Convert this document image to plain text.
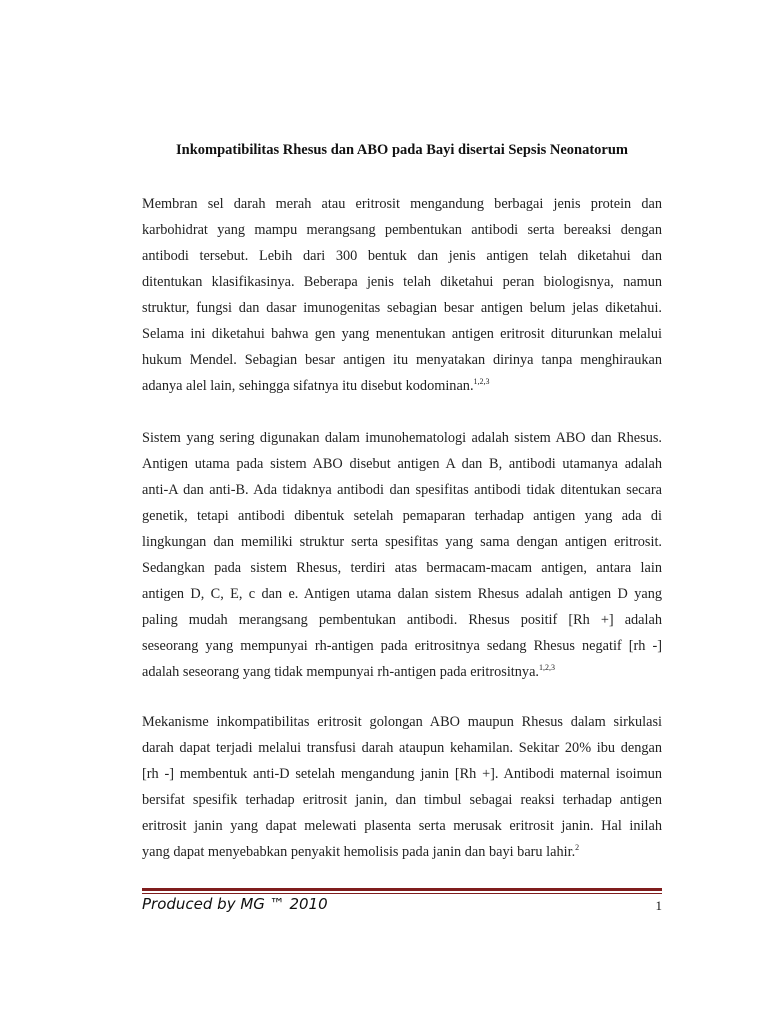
Inkompatibilitas Rhesus dan ABO pada Bayi disertai Sepsis Neonatorum
Membran sel darah merah atau eritrosit mengandung berbagai jenis protein dan
karbohidrat yang mampu merangsang pembentukan antibodi serta bereaksi dengan
antibodi tersebut. Lebih dari 300 bentuk dan jenis antigen telah diketahui dan
ditentukan klasifikasinya. Beberapa jenis telah diketahui peran biologisnya, namun
struktur, fungsi dan dasar imunogenitas sebagian besar antigen belum jelas diketahui.
Selama ini diketahui bahwa gen yang menentukan antigen eritrosit diturunkan melalui
hukum Mendel. Sebagian besar antigen itu menyatakan dirinya tanpa menghiraukan
adanya alel lain, sehingga sifatnya itu disebut kodominan.$^{1,2,3}$
Sistem yang sering digunakan dalam imunohematologi adalah sistem ABO dan Rhesus.
Antigen utama pada sistem ABO disebut antigen A dan B, antibodi utamanya adalah
anti-A dan anti-B. Ada tidaknya antibodi dan spesifitas antibodi tidak ditentukan secara
genetik, tetapi antibodi dibentuk setelah pemaparan terhadap antigen yang ada di
lingkungan dan memiliki struktur serta spesifitas yang sama dengan antigen eritrosit.
Sedangkan pada sistem Rhesus, terdiri atas bermacam-macam antigen, antara lain
antigen D, C, E, c dan e. Antigen utama dalan sistem Rhesus adalah antigen D yang
paling mudah merangsang pembentukan antibodi. Rhesus positif [Rh +] adalah
seseorang yang mempunyai rh-antigen pada eritrositnya sedang Rhesus negatif [rh -]
adalah seseorang yang tidak mempunyai rh-antigen pada eritrositnya.$^{1,2,3}$
Mekanisme inkompatibilitas eritrosit golongan ABO maupun Rhesus dalam sirkulasi
darah dapat terjadi melalui transfusi darah ataupun kehamilan. Sekitar 20% ibu dengan
[rh -] membentuk anti-D setelah mengandung janin [Rh +]. Antibodi maternal isoimun
bersifat spesifik terhadap eritrosit janin, dan timbul sebagai reaksi terhadap antigen
eritrosit janin yang dapat melewati plasenta serta merusak eritrosit janin. Hal inilah
yang dapat menyebabkan penyakit hemolisis pada janin dan bayi baru lahir.$^2$
Produced by MG ™ 2010	1
